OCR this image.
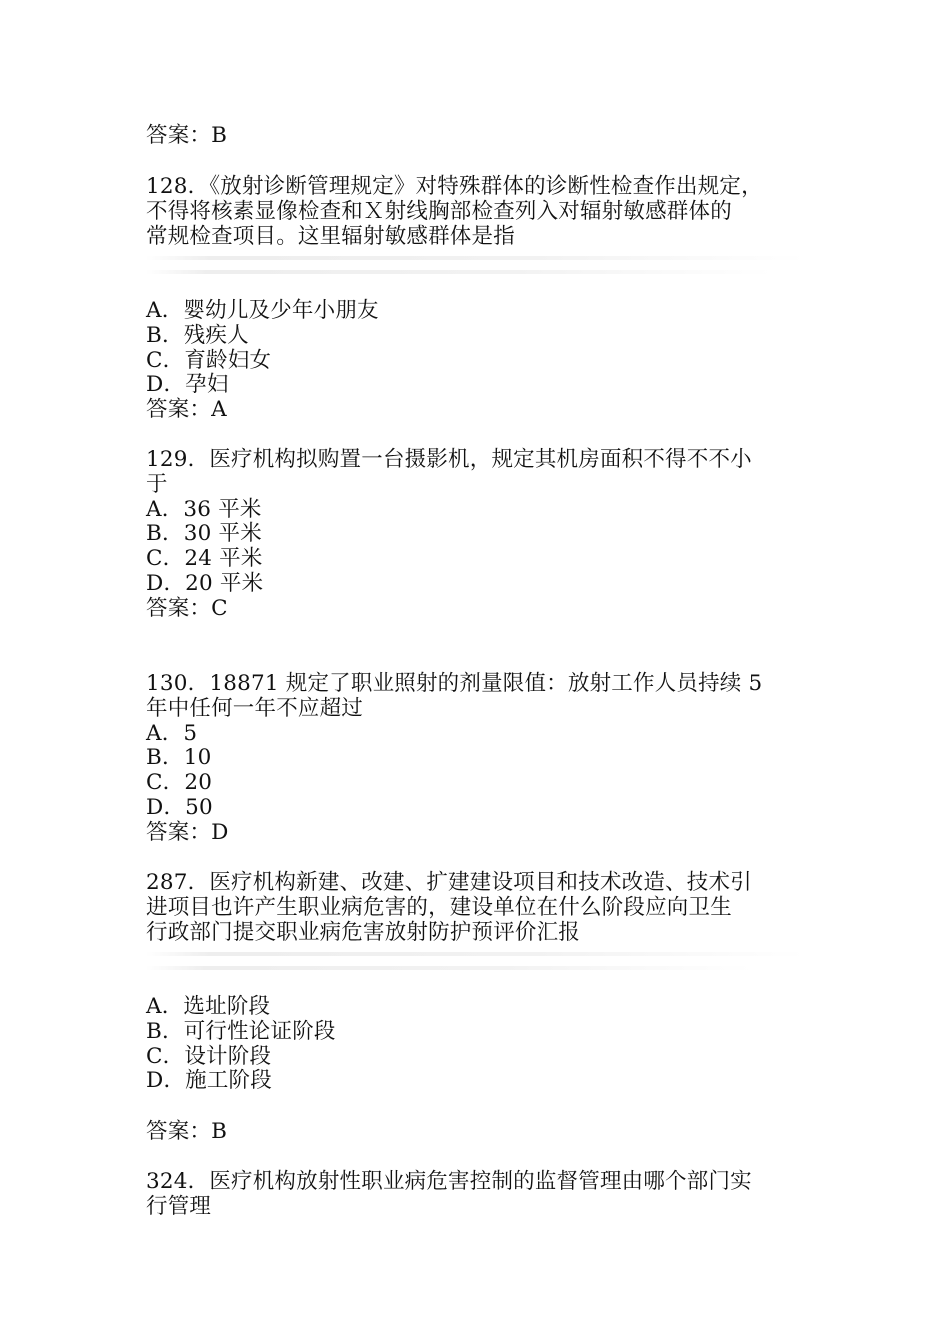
答案：B
128．《放射诊断管理规定》对特殊群体的诊断性检查作出规定，
不得将核素显像检查和Ｘ射线胸部检查列入对辐射敏感群体的
常规检查项目。这里辐射敏感群体是指
A．婴幼儿及少年小朋友
B．残疾人
C．育龄妇女
D．孕妇
答案：A
129．医疗机构拟购置一台摄影机，规定其机房面积不得不不小
于
A．36 平米
B．30 平米
C．24 平米
D．20 平米
答案：C
130．18871 规定了职业照射的剂量限值：放射工作人员持续 5
年中任何一年不应超过
A．5
B．10
C．20
D．50
答案：D
287．医疗机构新建、改建、扩建建设项目和技术改造、技术引
进项目也许产生职业病危害的，建设单位在什么阶段应向卫生
行政部门提交职业病危害放射防护预评价汇报
A．选址阶段
B．可行性论证阶段
C．设计阶段
D．施工阶段
答案：B
324．医疗机构放射性职业病危害控制的监督管理由哪个部门实
行管理
